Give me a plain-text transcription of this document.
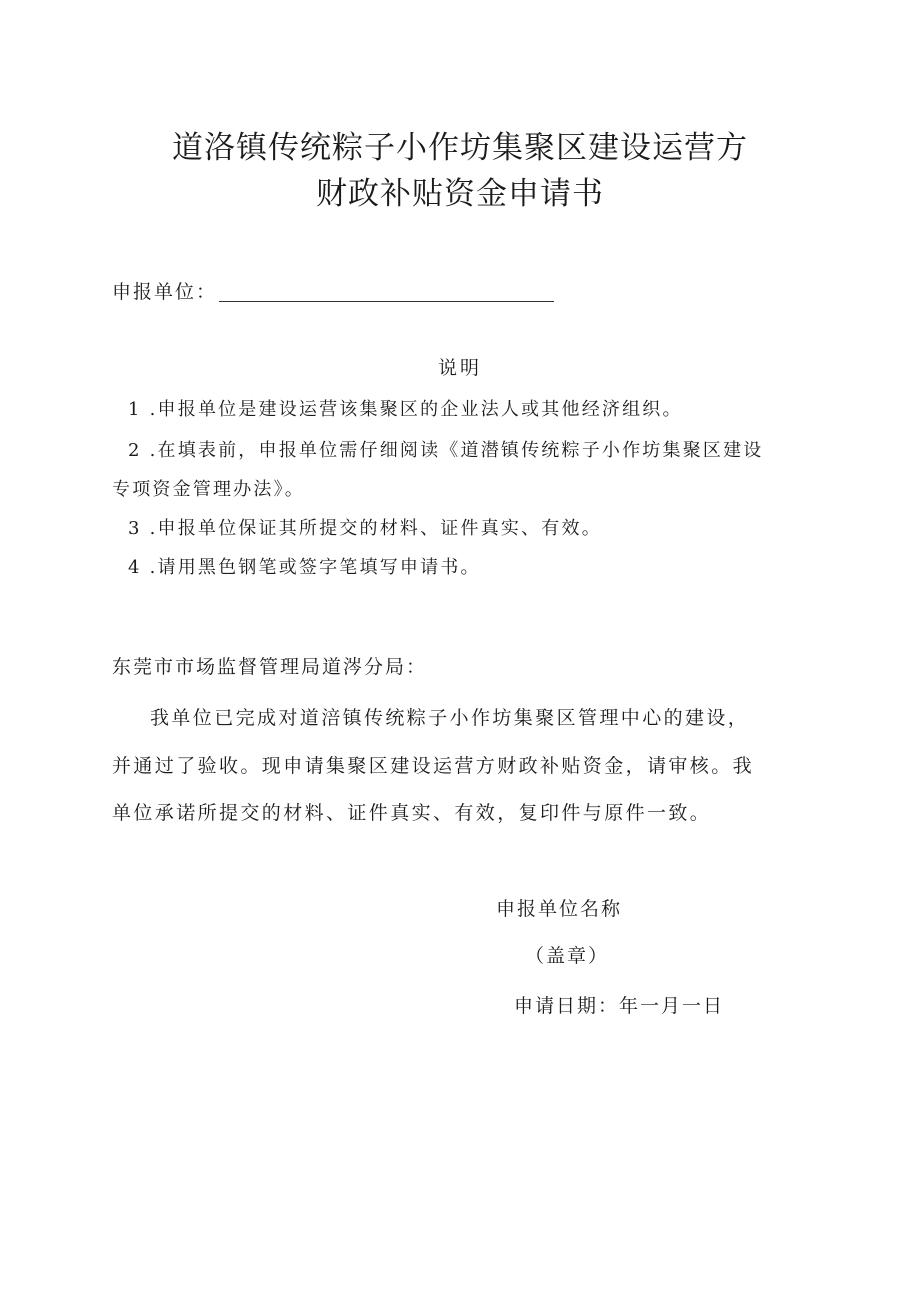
道洛镇传统粽子小作坊集聚区建设运营方
财政补贴资金申请书
申报单位：
说明
1 .申报单位是建设运营该集聚区的企业法人或其他经济组织。
2 .在填表前，申报单位需仔细阅读《道潜镇传统粽子小作坊集聚区建设
专项资金管理办法》。
3 .申报单位保证其所提交的材料、证件真实、有效。
4 .请用黑色钢笔或签字笔填写申请书。
东莞市市场监督管理局道涔分局：
我单位已完成对道涪镇传统粽子小作坊集聚区管理中心的建设，
并通过了验收。现申请集聚区建设运营方财政补贴资金，请审核。我
单位承诺所提交的材料、证件真实、有效，复印件与原件一致。
申报单位名称
（盖章）
申请日期：年一月一日
